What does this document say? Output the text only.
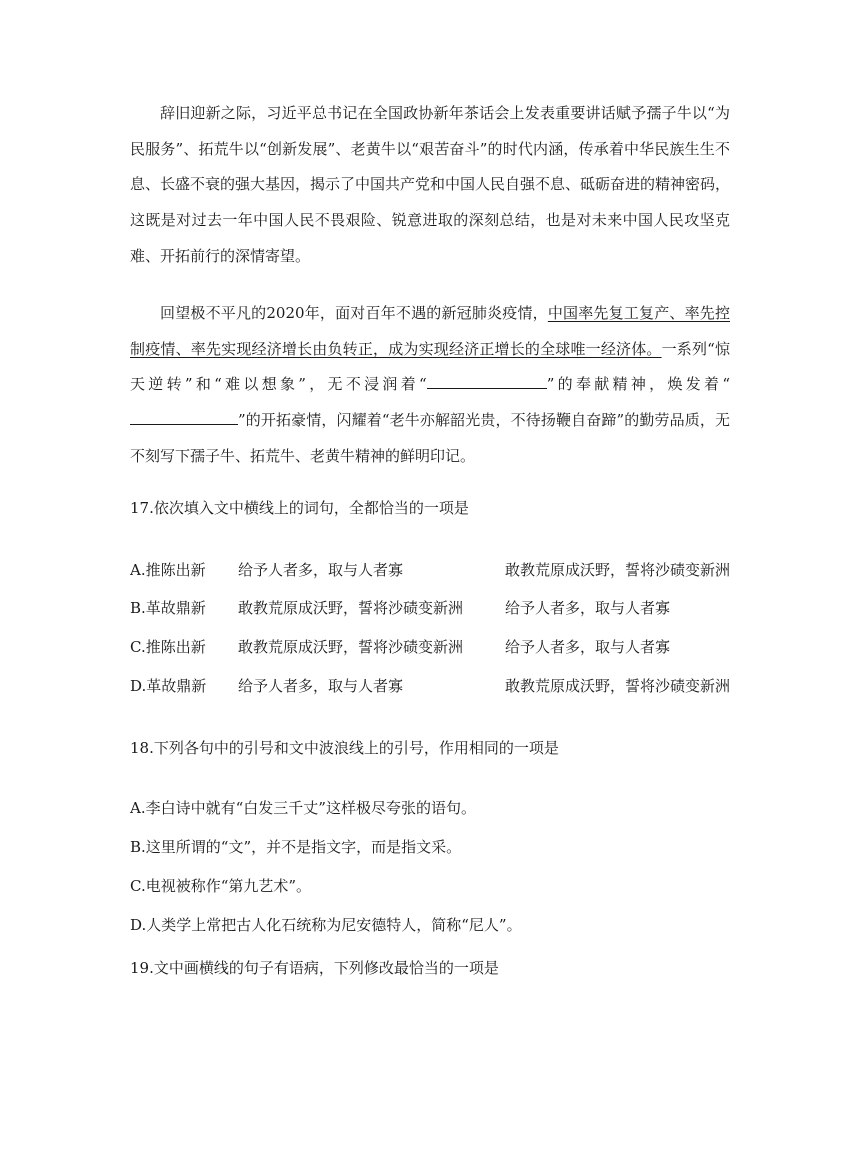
辞旧迎新之际，习近平总书记在全国政协新年茶话会上发表重要讲话赋予孺子牛以“为民服务”、拓荒牛以“创新发展”、老黄牛以“艰苦奋斗”的时代内涵，传承着中华民族生生不息、长盛不衰的强大基因，揭示了中国共产党和中国人民自强不息、砥砺奋进的精神密码，这既是对过去一年中国人民不畏艰险、锐意进取的深刻总结，也是对未来中国人民攻坚克难、开拓前行的深情寄望。

回望极不平凡的2020年，面对百年不遇的新冠肺炎疫情，中国率先复工复产、率先控制疫情、率先实现经济增长由负转正，成为实现经济正增长的全球唯一经济体。一系列“惊天逆转”和“难以想象”，无不浸润着“	”的奉献精神，焕发着“”的开拓豪情，闪耀着“老牛亦解韶光贵，不待扬鞭自奋蹄”的勤劳品质，无不刻写下孺子牛、拓荒牛、老黄牛精神的鲜明印记。

17.依次填入文中横线上的词句，全都恰当的一项是

A.推陈出新 给予人者多，取与人者寡	敢教荒原成沃野，誓将沙碛变新洲
B.革故鼎新 敢教荒原成沃野，誓将沙碛变新洲	给予人者多，取与人者寡
C.推陈出新 敢教荒原成沃野，誓将沙碛变新洲	给予人者多，取与人者寡
D.革故鼎新 给予人者多，取与人者寡	敢教荒原成沃野，誓将沙碛变新洲

18.下列各句中的引号和文中波浪线上的引号，作用相同的一项是

A.李白诗中就有“白发三千丈”这样极尽夸张的语句。

B.这里所谓的“文”，并不是指文字，而是指文采。

C.电视被称作“第九艺术”。

D.人类学上常把古人化石统称为尼安德特人，简称“尼人”。

19.文中画横线的句子有语病，下列修改最恰当的一项是
